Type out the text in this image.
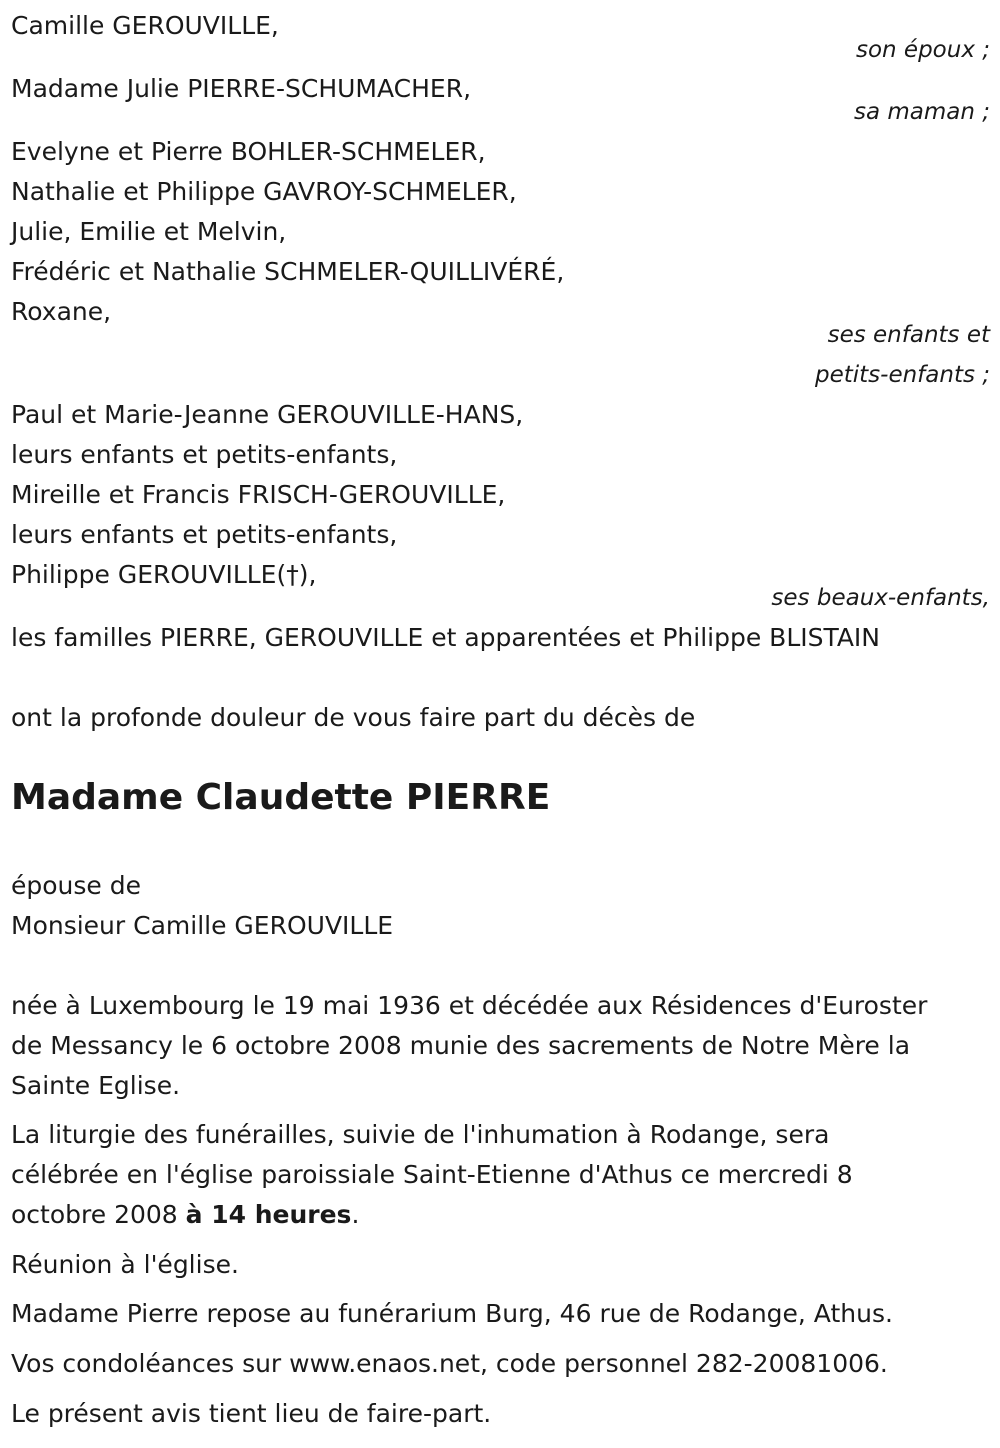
Camille GEROUVILLE,
son époux ;
Madame Julie PIERRE-SCHUMACHER,
sa maman ;
Evelyne et Pierre BOHLER-SCHMELER,
Nathalie et Philippe GAVROY-SCHMELER,
Julie, Emilie et Melvin,
Frédéric et Nathalie SCHMELER-QUILLIVÉRÉ,
Roxane,
ses enfants et
petits-enfants ;
Paul et Marie-Jeanne GEROUVILLE-HANS,
leurs enfants et petits-enfants,
Mireille et Francis FRISCH-GEROUVILLE,
leurs enfants et petits-enfants,
Philippe GEROUVILLE(†),
ses beaux-enfants,
les familles PIERRE, GEROUVILLE et apparentées et Philippe BLISTAIN
ont la profonde douleur de vous faire part du décès de
Madame Claudette PIERRE
épouse de
Monsieur Camille GEROUVILLE
née à Luxembourg le 19 mai 1936 et décédée aux Résidences d'Euroster
de Messancy le 6 octobre 2008 munie des sacrements de Notre Mère la
Sainte Eglise.
La liturgie des funérailles, suivie de l'inhumation à Rodange, sera
célébrée en l'église paroissiale Saint-Etienne d'Athus ce mercredi 8
octobre 2008 à 14 heures.
Réunion à l'église.
Madame Pierre repose au funérarium Burg, 46 rue de Rodange, Athus.
Vos condoléances sur www.enaos.net, code personnel 282-20081006.
Le présent avis tient lieu de faire-part.
